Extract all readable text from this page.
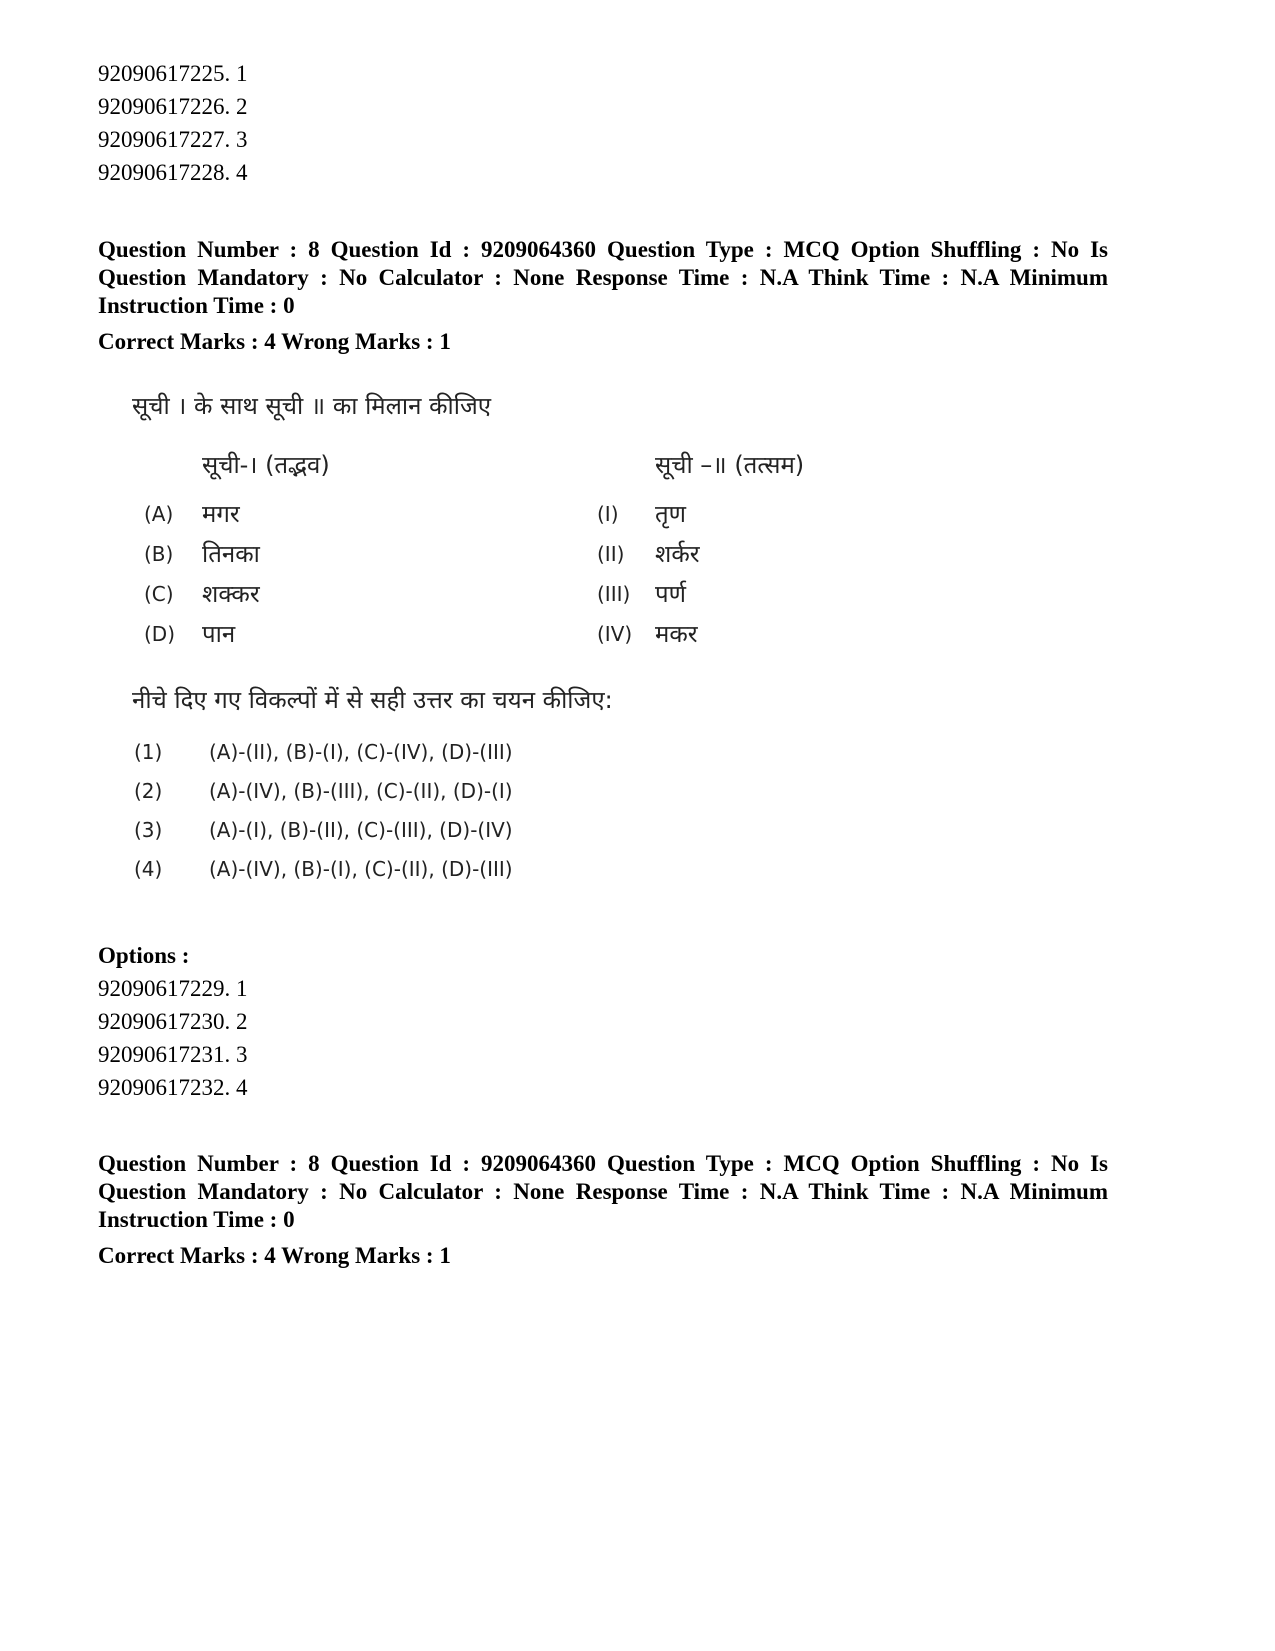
92090617225. 1
92090617226. 2
92090617227. 3
92090617228. 4
Question Number : 8 Question Id : 9209064360 Question Type : MCQ Option Shuffling : No Is Question Mandatory : No Calculator : None Response Time : N.A Think Time : N.A Minimum Instruction Time : 0
Correct Marks : 4 Wrong Marks : 1
सूची । के साथ सूची ॥ का मिलान कीजिए
सूची-। (तद्भव)	सूची –॥ (तत्सम)
(A) मगर
(B) तिनका
(C) शक्कर
(D) पान
(I) तृण
(II) शर्कर
(III) पर्ण
(IV) मकर
नीचे दिए गए विकल्पों में से सही उत्तर का चयन कीजिए:
(1) (A)-(II), (B)-(I), (C)-(IV), (D)-(III)
(2) (A)-(IV), (B)-(III), (C)-(II), (D)-(I)
(3) (A)-(I), (B)-(II), (C)-(III), (D)-(IV)
(4) (A)-(IV), (B)-(I), (C)-(II), (D)-(III)
Options :
92090617229. 1
92090617230. 2
92090617231. 3
92090617232. 4
Question Number : 8 Question Id : 9209064360 Question Type : MCQ Option Shuffling : No Is Question Mandatory : No Calculator : None Response Time : N.A Think Time : N.A Minimum Instruction Time : 0
Correct Marks : 4 Wrong Marks : 1
